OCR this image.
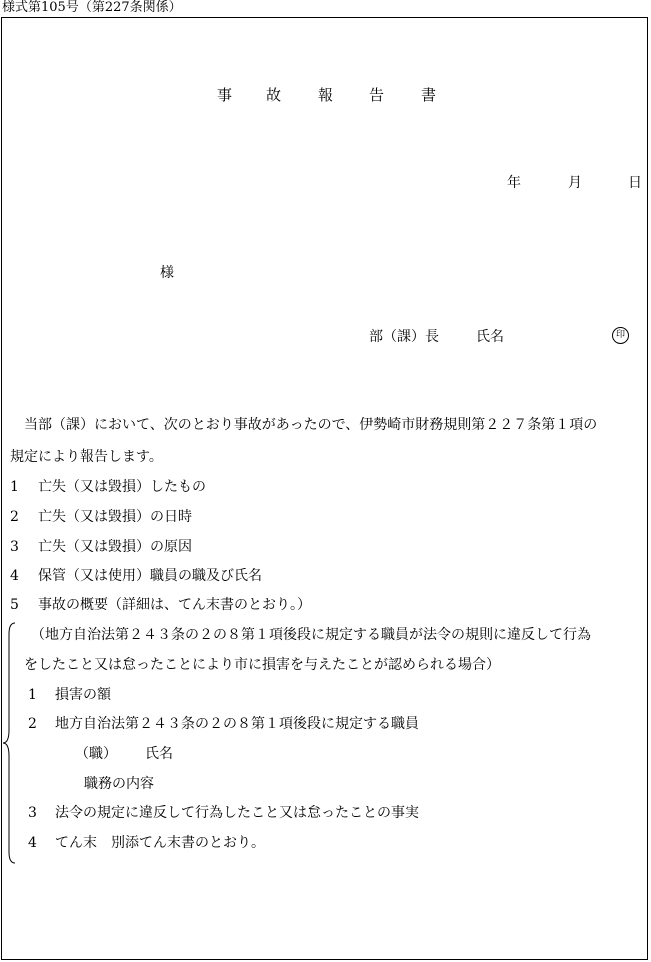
様式第105号（第227条関係）
事 故 報 告 書
年	月	日
様
部（課）長	氏名	印
当部（課）において、次のとおり事故があったので、伊勢崎市財務規則第２２７条第１項の
規定により報告します。
1 亡失（又は毀損）したもの
2 亡失（又は毀損）の日時
3 亡失（又は毀損）の原因
4 保管（又は使用）職員の職及び氏名
5 事故の概要（詳細は、てん末書のとおり。）
（地方自治法第２４３条の２の８第１項後段に規定する職員が法令の規則に違反して行為
をしたこと又は怠ったことにより市に損害を与えたことが認められる場合）
1 損害の額
2 地方自治法第２４３条の２の８第１項後段に規定する職員
（職） 氏名
職務の内容
3 法令の規定に違反して行為したこと又は怠ったことの事実
4 てん末　別添てん末書のとおり。
